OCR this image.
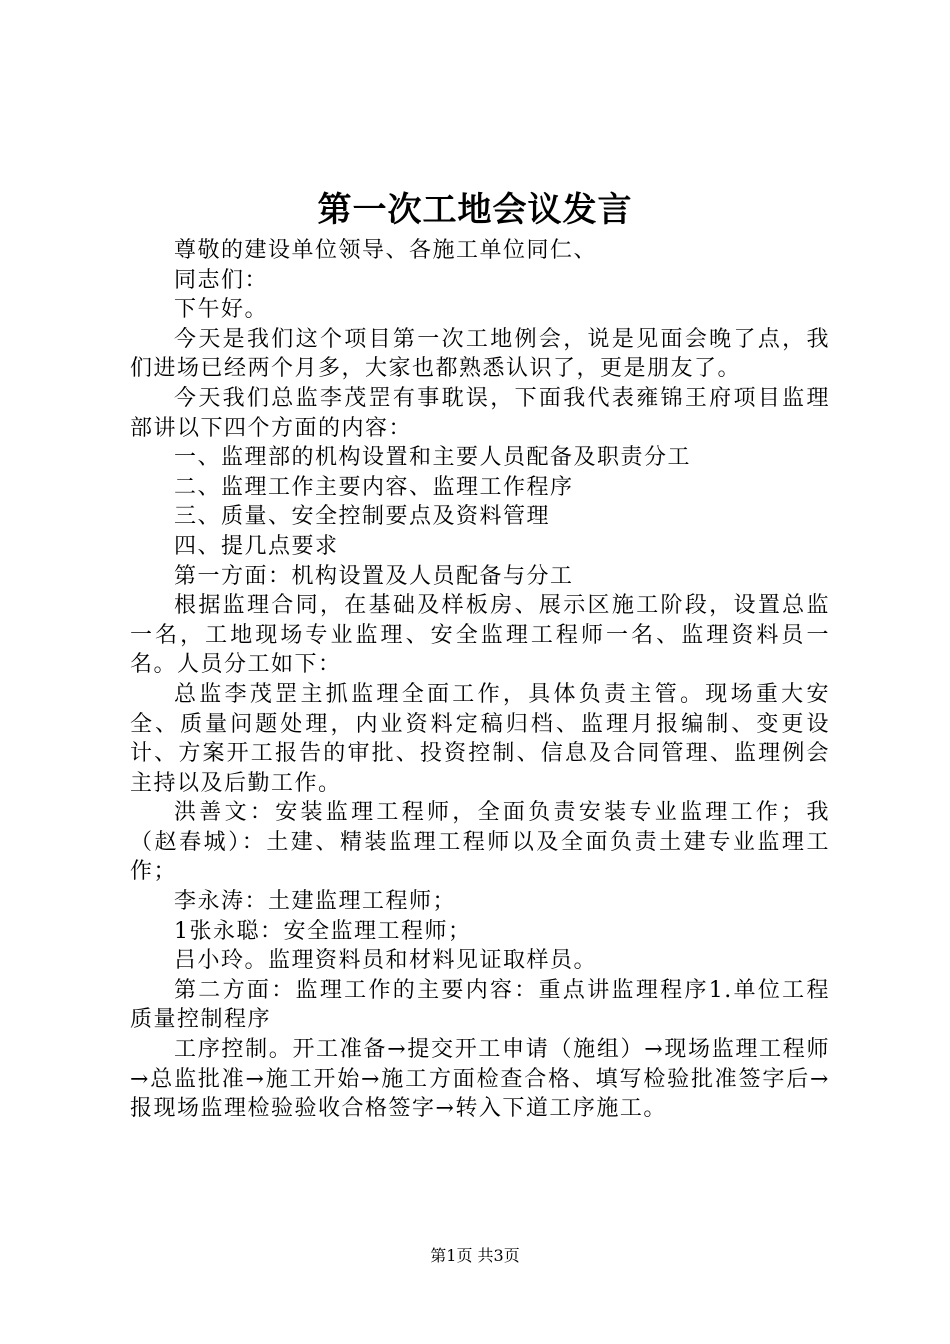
第一次工地会议发言

尊敬的建设单位领导、各施工单位同仁、

同志们：

下午好。

今天是我们这个项目第一次工地例会，说是见面会晚了点，我们进场已经两个月多，大家也都熟悉认识了，更是朋友了。

今天我们总监李茂罡有事耽误，下面我代表雍锦王府项目监理部讲以下四个方面的内容：

一、监理部的机构设置和主要人员配备及职责分工

二、监理工作主要内容、监理工作程序

三、质量、安全控制要点及资料管理

四、提几点要求

第一方面：机构设置及人员配备与分工

根据监理合同，在基础及样板房、展示区施工阶段，设置总监一名，工地现场专业监理、安全监理工程师一名、监理资料员一名。人员分工如下：

总监李茂罡主抓监理全面工作，具体负责主管。现场重大安全、质量问题处理，内业资料定稿归档、监理月报编制、变更设计、方案开工报告的审批、投资控制、信息及合同管理、监理例会主持以及后勤工作。

洪善文：安装监理工程师，全面负责安装专业监理工作；我（赵春城）：土建、精装监理工程师以及全面负责土建专业监理工作；

李永涛：土建监理工程师；

1张永聪：安全监理工程师；

吕小玲。监理资料员和材料见证取样员。

第二方面：监理工作的主要内容：重点讲监理程序1.单位工程质量控制程序

工序控制。开工准备→提交开工申请（施组）→现场监理工程师→总监批准→施工开始→施工方面检查合格、填写检验批准签字后→报现场监理检验验收合格签字→转入下道工序施工。

第1页 共3页
